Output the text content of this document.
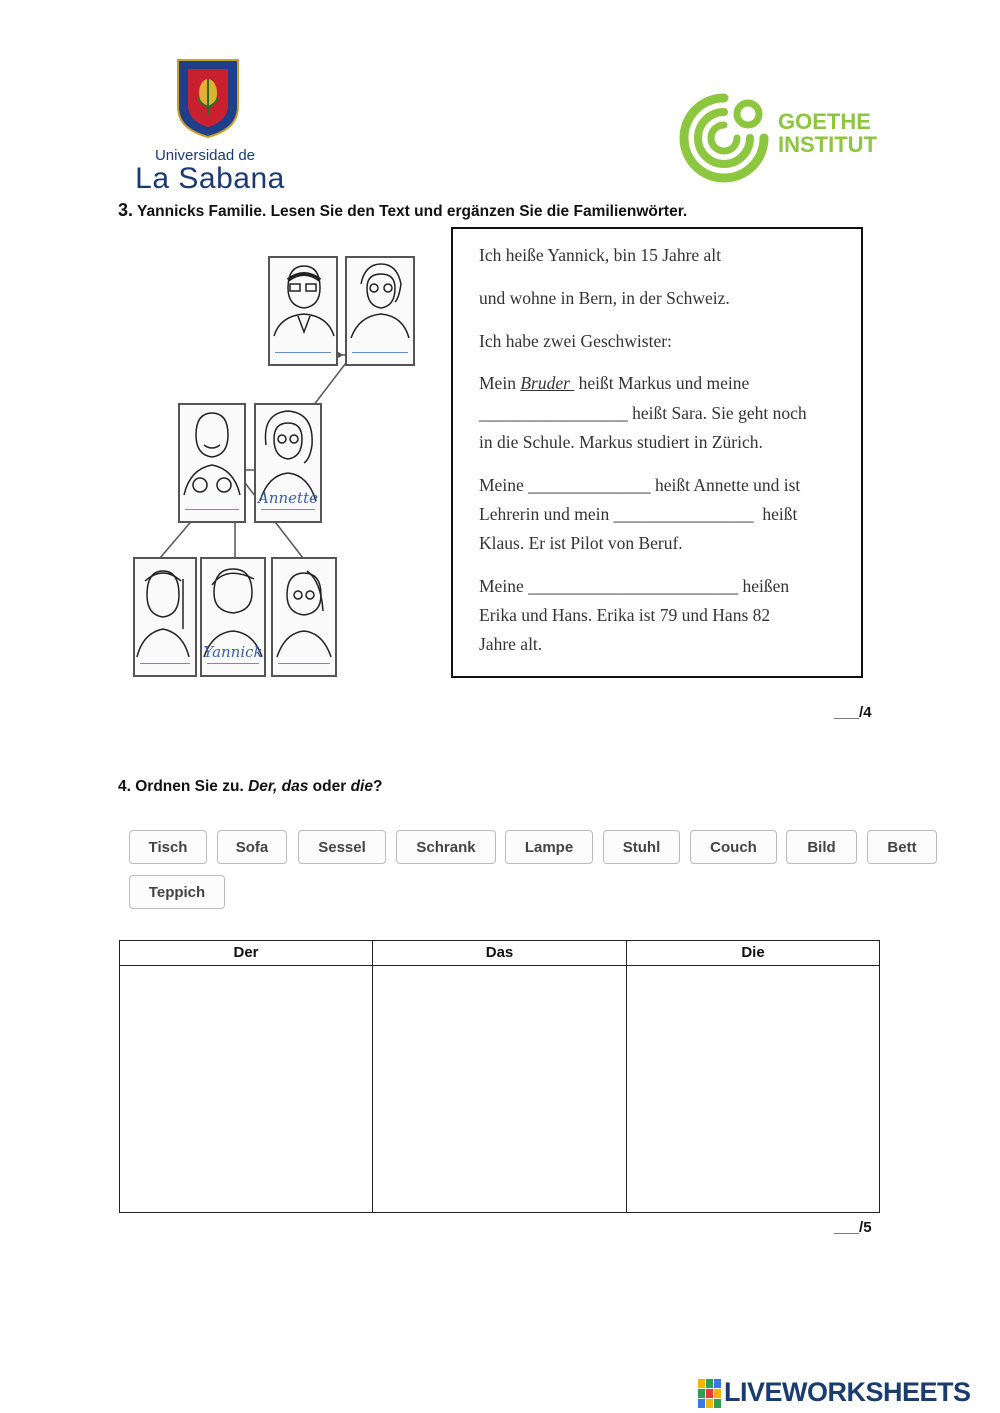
Universidad de
La Sabana
GOETHE
INSTITUT
3. Yannicks Familie. Lesen Sie den Text und ergänzen Sie die Familienwörter.
Annette
Yannick
Ich heiße Yannick, bin 15 Jahre alt
und wohne in Bern, in der Schweiz.
Ich habe zwei Geschwister:
Mein Bruder  heißt Markus und meine
_________________ heißt Sara. Sie geht noch
in die Schule. Markus studiert in Zürich.
Meine ______________ heißt Annette und ist
Lehrerin und mein ________________  heißt
Klaus. Er ist Pilot von Beruf.
Meine ________________________ heißen
Erika und Hans. Erika ist 79 und Hans 82
Jahre alt.
___/4
4. Ordnen Sie zu. Der, das oder die?
Tisch	Sofa	Sessel	Schrank	Lampe	Stuhl	Couch	Bild	Bett
Teppich
Der	Das	Die
___/5
LIVEWORKSHEETS
